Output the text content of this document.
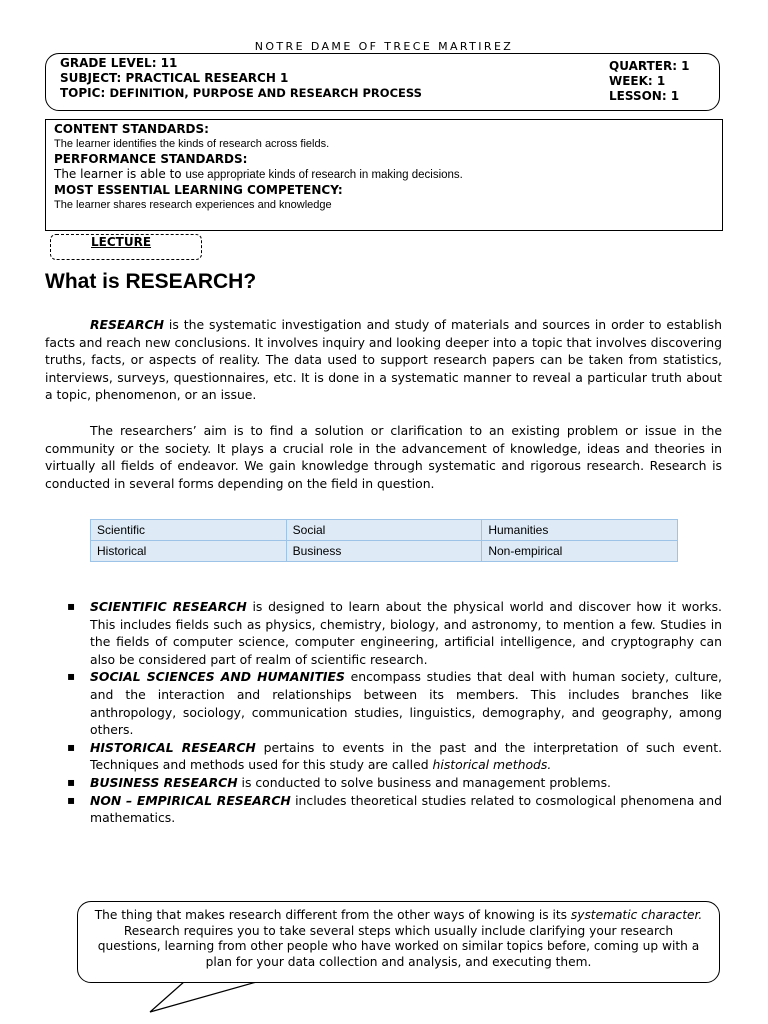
NOTRE DAME OF TRECE MARTIREZ
GRADE LEVEL: 11
SUBJECT: PRACTICAL RESEARCH 1
TOPIC: DEFINITION, PURPOSE AND RESEARCH PROCESS
QUARTER: 1
WEEK: 1
LESSON: 1
CONTENT STANDARDS:
The learner identifies the kinds of research across fields.
PERFORMANCE STANDARDS:
The learner is able to use appropriate kinds of research in making decisions.
MOST ESSENTIAL LEARNING COMPETENCY:
The learner shares research experiences and knowledge
LECTURE
What is RESEARCH?

RESEARCH is the systematic investigation and study of materials and sources in order to establish facts and reach new conclusions. It involves inquiry and looking deeper into a topic that involves discovering truths, facts, or aspects of reality. The data used to support research papers can be taken from statistics, interviews, surveys, questionnaires, etc. It is done in a systematic manner to reveal a particular truth about a topic, phenomenon, or an issue.

The researchers’ aim is to find a solution or clarification to an existing problem or issue in the community or the society. It plays a crucial role in the advancement of knowledge, ideas and theories in virtually all fields of endeavor. We gain knowledge through systematic and rigorous research. Research is conducted in several forms depending on the field in question.

Scientific	Social	Humanities
Historical	Business	Non-empirical
▪ SCIENTIFIC RESEARCH is designed to learn about the physical world and discover how it works. This includes fields such as physics, chemistry, biology, and astronomy, to mention a few. Studies in the fields of computer science, computer engineering, artificial intelligence, and cryptography can also be considered part of realm of scientific research.
▪ SOCIAL SCIENCES AND HUMANITIES encompass studies that deal with human society, culture, and the interaction and relationships between its members. This includes branches like anthropology, sociology, communication studies, linguistics, demography, and geography, among others.
▪ HISTORICAL RESEARCH pertains to events in the past and the interpretation of such event. Techniques and methods used for this study are called historical methods.
▪ BUSINESS RESEARCH is conducted to solve business and management problems.
▪ NON – EMPIRICAL RESEARCH includes theoretical studies related to cosmological phenomena and mathematics.
The thing that makes research different from the other ways of knowing is its systematic character. Research requires you to take several steps which usually include clarifying your research questions, learning from other people who have worked on similar topics before, coming up with a plan for your data collection and analysis, and executing them.
